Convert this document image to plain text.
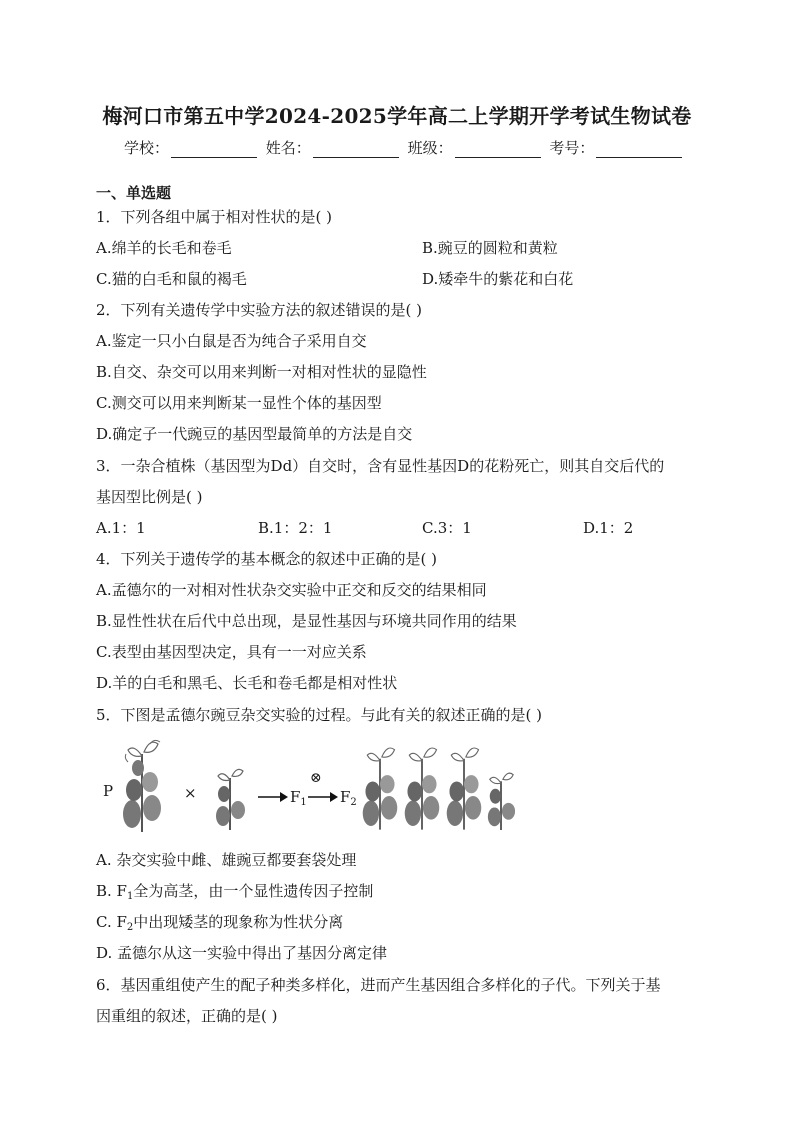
梅河口市第五中学2024-2025学年高二上学期开学考试生物试卷
学校：	姓名：	班级：	考号：
一、单选题
1．下列各组中属于相对性状的是( )
A.绵羊的长毛和卷毛	B.豌豆的圆粒和黄粒
C.猫的白毛和鼠的褐毛	D.矮牵牛的紫花和白花
2．下列有关遗传学中实验方法的叙述错误的是( )
A.鉴定一只小白鼠是否为纯合子采用自交
B.自交、杂交可以用来判断一对相对性状的显隐性
C.测交可以用来判断某一显性个体的基因型
D.确定子一代豌豆的基因型最简单的方法是自交
3．一杂合植株（基因型为Dd）自交时，含有显性基因D的花粉死亡，则其自交后代的
基因型比例是( )
A.1：1	B.1：2：1	C.3：1	D.1：2
4．下列关于遗传学的基本概念的叙述中正确的是( )
A.孟德尔的一对相对性状杂交实验中正交和反交的结果相同
B.显性性状在后代中总出现，是显性基因与环境共同作用的结果
C.表型由基因型决定，具有一一对应关系
D.羊的白毛和黑毛、长毛和卷毛都是相对性状
5．下图是孟德尔豌豆杂交实验的过程。与此有关的叙述正确的是( )
P	×	$F_1$
⊗
$F_2$
A. 杂交实验中雌、雄豌豆都要套袋处理
B. $F_1$全为高茎，由一个显性遗传因子控制
C. $F_2$中出现矮茎的现象称为性状分离
D. 孟德尔从这一实验中得出了基因分离定律
6．基因重组使产生的配子种类多样化，进而产生基因组合多样化的子代。下列关于基
因重组的叙述，正确的是( )
